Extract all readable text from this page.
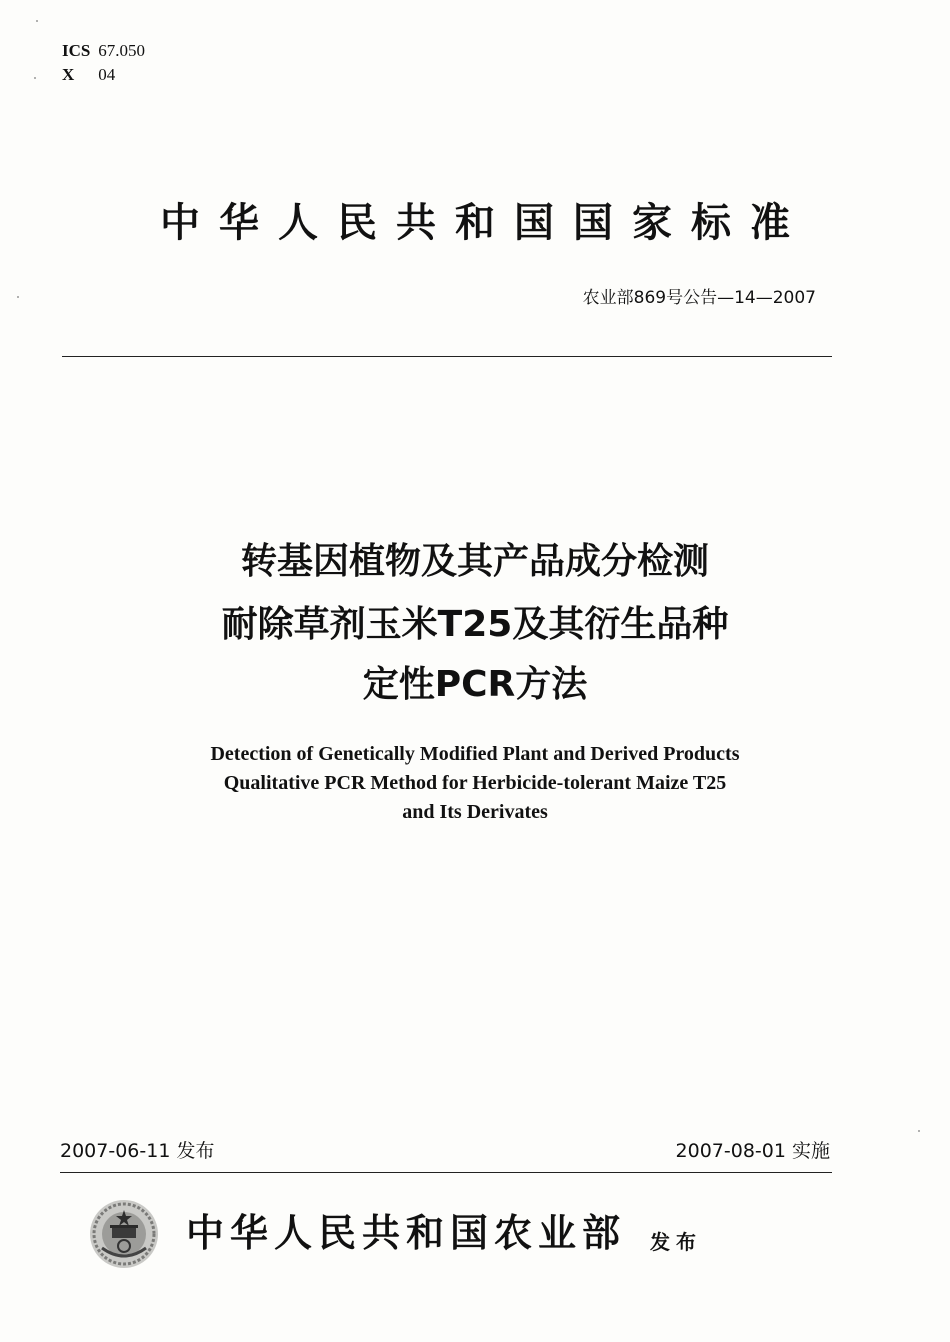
ICS 67.050
X 04
中华人民共和国国家标准
农业部869号公告—14—2007
转基因植物及其产品成分检测
耐除草剂玉米T25及其衍生品种
定性PCR方法
Detection of Genetically Modified Plant and Derived Products
Qualitative PCR Method for Herbicide-tolerant Maize T25
and Its Derivates
2007-06-11 发布	2007-08-01 实施
中华人民共和国农业部 发布
